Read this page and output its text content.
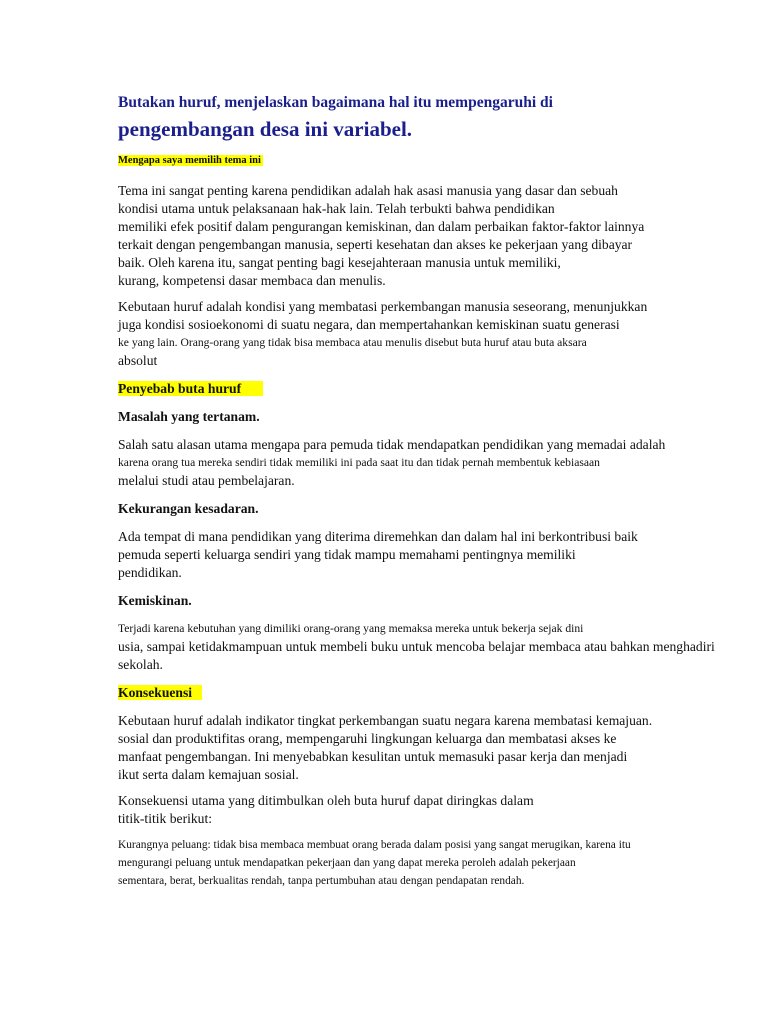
Butakan huruf, menjelaskan bagaimana hal itu mempengaruhi di

pengembangan desa ini variabel.

Mengapa saya memilih tema ini

Tema ini sangat penting karena pendidikan adalah hak asasi manusia yang dasar dan sebuah
kondisi utama untuk pelaksanaan hak-hak lain. Telah terbukti bahwa pendidikan
memiliki efek positif dalam pengurangan kemiskinan, dan dalam perbaikan faktor-faktor lainnya
terkait dengan pengembangan manusia, seperti kesehatan dan akses ke pekerjaan yang dibayar
baik. Oleh karena itu, sangat penting bagi kesejahteraan manusia untuk memiliki,
kurang, kompetensi dasar membaca dan menulis.
Kebutaan huruf adalah kondisi yang membatasi perkembangan manusia seseorang, menunjukkan
juga kondisi sosioekonomi di suatu negara, dan mempertahankan kemiskinan suatu generasi
ke yang lain. Orang-orang yang tidak bisa membaca atau menulis disebut buta huruf atau buta aksara
absolut

Penyebab buta huruf

Masalah yang tertanam.

Salah satu alasan utama mengapa para pemuda tidak mendapatkan pendidikan yang memadai adalah
karena orang tua mereka sendiri tidak memiliki ini pada saat itu dan tidak pernah membentuk kebiasaan
melalui studi atau pembelajaran.

Kekurangan kesadaran.

Ada tempat di mana pendidikan yang diterima diremehkan dan dalam hal ini berkontribusi baik
pemuda seperti keluarga sendiri yang tidak mampu memahami pentingnya memiliki
pendidikan.

Kemiskinan.

Terjadi karena kebutuhan yang dimiliki orang-orang yang memaksa mereka untuk bekerja sejak dini
usia, sampai ketidakmampuan untuk membeli buku untuk mencoba belajar membaca atau bahkan menghadiri
sekolah.

Konsekuensi

Kebutaan huruf adalah indikator tingkat perkembangan suatu negara karena membatasi kemajuan.
sosial dan produktifitas orang, mempengaruhi lingkungan keluarga dan membatasi akses ke
manfaat pengembangan. Ini menyebabkan kesulitan untuk memasuki pasar kerja dan menjadi
ikut serta dalam kemajuan sosial.
Konsekuensi utama yang ditimbulkan oleh buta huruf dapat diringkas dalam
titik-titik berikut:
Kurangnya peluang: tidak bisa membaca membuat orang berada dalam posisi yang sangat merugikan, karena itu
mengurangi peluang untuk mendapatkan pekerjaan dan yang dapat mereka peroleh adalah pekerjaan
sementara, berat, berkualitas rendah, tanpa pertumbuhan atau dengan pendapatan rendah.
